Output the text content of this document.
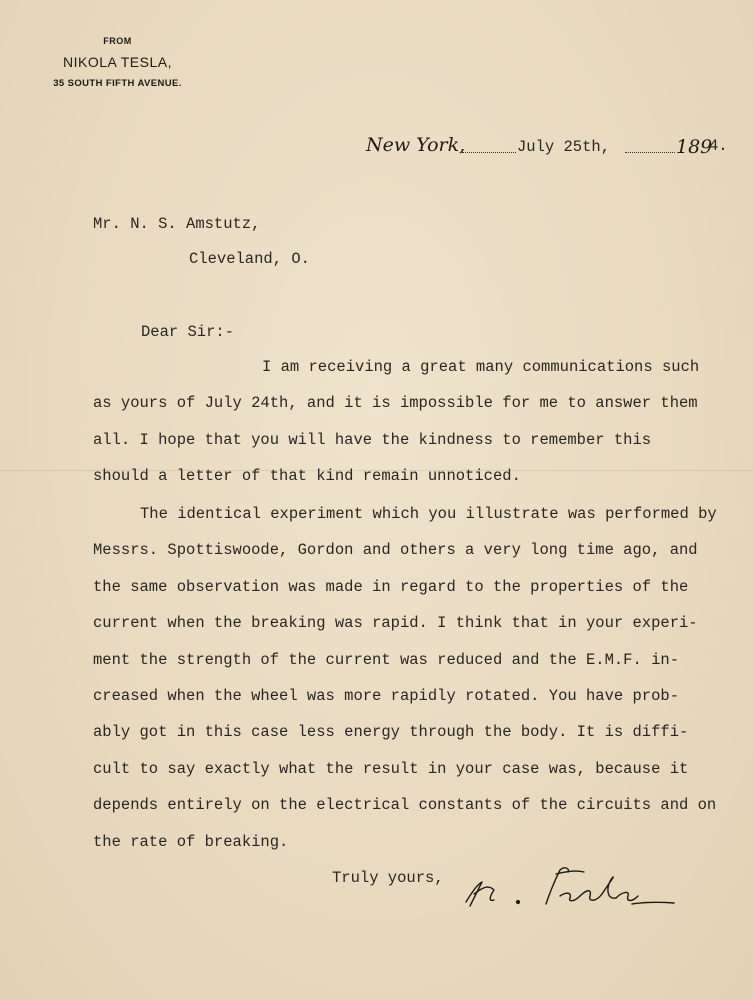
FROM
NIKOLA TESLA,
35 SOUTH FIFTH AVENUE.
New York,	July 25th,	189
4.
Mr. N. S. Amstutz,
Cleveland, O.
Dear Sir:-
I am receiving a great many communications such
as yours of July 24th, and it is impossible for me to answer them
all. I hope that you will have the kindness to remember this
should a letter of that kind remain unnoticed.
The identical experiment which you illustrate was performed by
Messrs. Spottiswoode, Gordon and others a very long time ago, and
the same observation was made in regard to the properties of the
current when the breaking was rapid. I think that in your experi-
ment the strength of the current was reduced and the E.M.F. in-
creased when the wheel was more rapidly rotated. You have prob-
ably got in this case less energy through the body. It is diffi-
cult to say exactly what the result in your case was, because it
depends entirely on the electrical constants of the circuits and on
the rate of breaking.
Truly yours,
